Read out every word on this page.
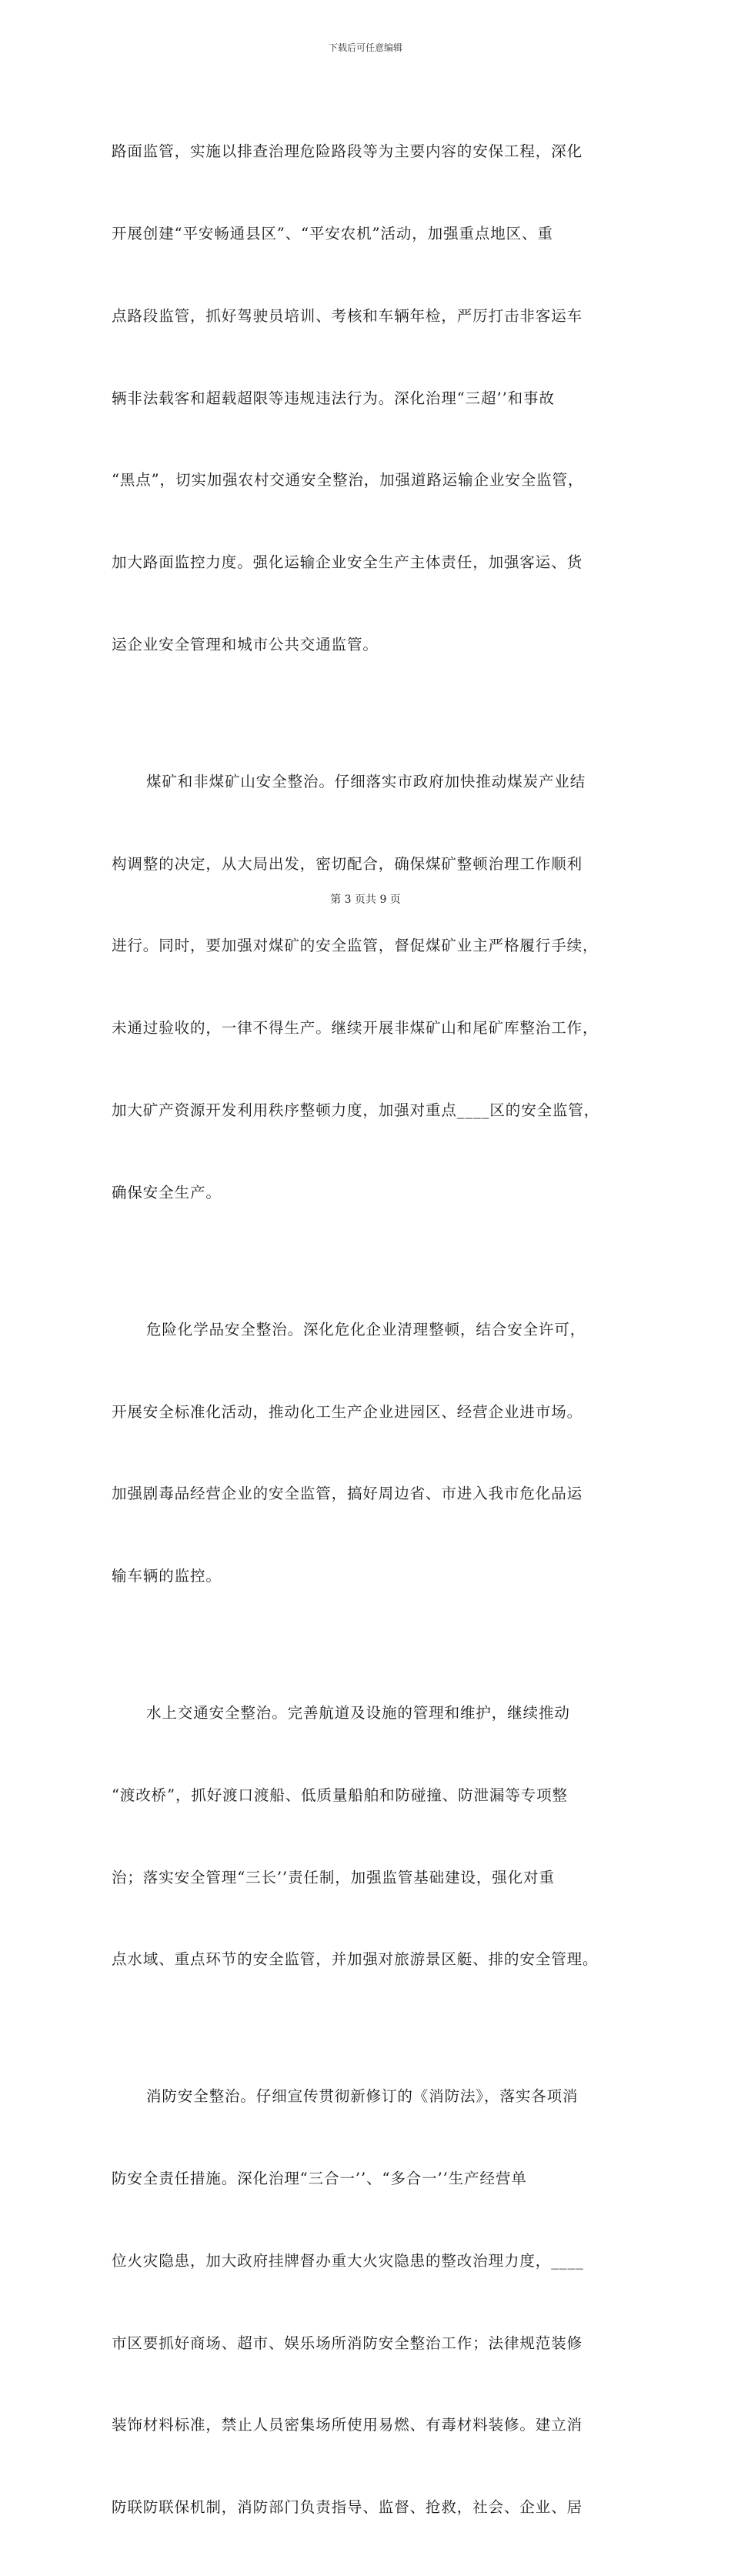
下载后可任意编辑

路面监管，实施以排查治理危险路段等为主要内容的安保工程，深化

开展创建“平安畅通县区”、“平安农机”活动，加强重点地区、重

点路段监管，抓好驾驶员培训、考核和车辆年检，严厉打击非客运车

辆非法载客和超载超限等违规违法行为。深化治理“三超’’和事故

“黑点”，切实加强农村交通安全整治，加强道路运输企业安全监管，

加大路面监控力度。强化运输企业安全生产主体责任，加强客运、货

运企业安全管理和城市公共交通监管。

煤矿和非煤矿山安全整治。仔细落实市政府加快推动煤炭产业结

构调整的决定，从大局出发，密切配合，确保煤矿整顿治理工作顺利

进行。同时，要加强对煤矿的安全监管，督促煤矿业主严格履行手续，

未通过验收的，一律不得生产。继续开展非煤矿山和尾矿库整治工作，

加大矿产资源开发利用秩序整顿力度，加强对重点____区的安全监管，

确保安全生产。

危险化学品安全整治。深化危化企业清理整顿，结合安全许可，

开展安全标准化活动，推动化工生产企业进园区、经营企业进市场。

加强剧毒品经营企业的安全监管，搞好周边省、市进入我市危化品运

输车辆的监控。

水上交通安全整治。完善航道及设施的管理和维护，继续推动

“渡改桥”，抓好渡口渡船、低质量船舶和防碰撞、防泄漏等专项整

治；落实安全管理“三长’’责任制，加强监管基础建设，强化对重

点水域、重点环节的安全监管，并加强对旅游景区艇、排的安全管理。

消防安全整治。仔细宣传贯彻新修订的《消防法》，落实各项消

防安全责任措施。深化治理“三合一’’、“多合一’’生产经营单

位火灾隐患，加大政府挂牌督办重大火灾隐患的整改治理力度，____

市区要抓好商场、超市、娱乐场所消防安全整治工作；法律规范装修

装饰材料标准，禁止人员密集场所使用易燃、有毒材料装修。建立消

防联防联保机制，消防部门负责指导、监督、抢救，社会、企业、居

第 3 页共 9 页
